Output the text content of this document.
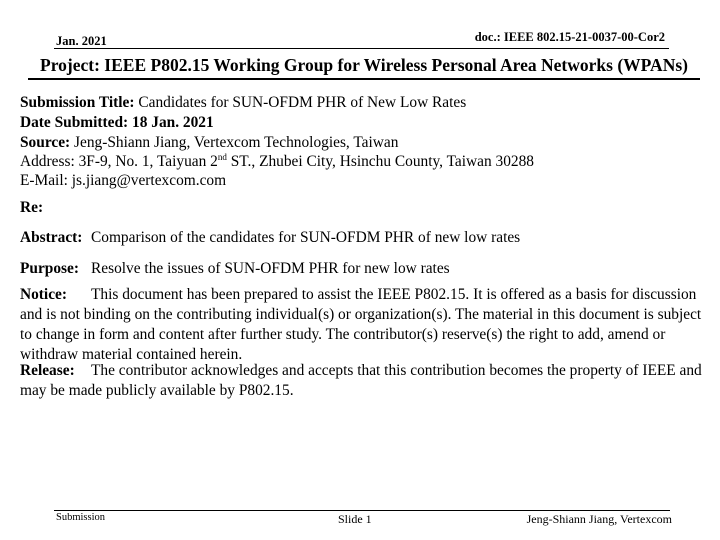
Jan. 2021	doc.: IEEE 802.15-21-0037-00-Cor2
Project: IEEE P802.15 Working Group for Wireless Personal Area Networks (WPANs)
Submission Title: Candidates for SUN-OFDM PHR of New Low Rates
Date Submitted: 18 Jan. 2021
Source: Jeng-Shiann Jiang, Vertexcom Technologies, Taiwan
Address: 3F-9, No. 1, Taiyuan 2nd ST., Zhubei City, Hsinchu County, Taiwan 30288
E-Mail: js.jiang@vertexcom.com
Re:
Abstract: Comparison of the candidates for SUN-OFDM PHR of new low rates
Purpose: Resolve the issues of SUN-OFDM PHR for new low rates
Notice: This document has been prepared to assist the IEEE P802.15. It is offered as a basis for discussion and is not binding on the contributing individual(s) or organization(s). The material in this document is subject to change in form and content after further study. The contributor(s) reserve(s) the right to add, amend or withdraw material contained herein.
Release: The contributor acknowledges and accepts that this contribution becomes the property of IEEE and may be made publicly available by P802.15.
Submission	Slide 1	Jeng-Shiann Jiang, Vertexcom
